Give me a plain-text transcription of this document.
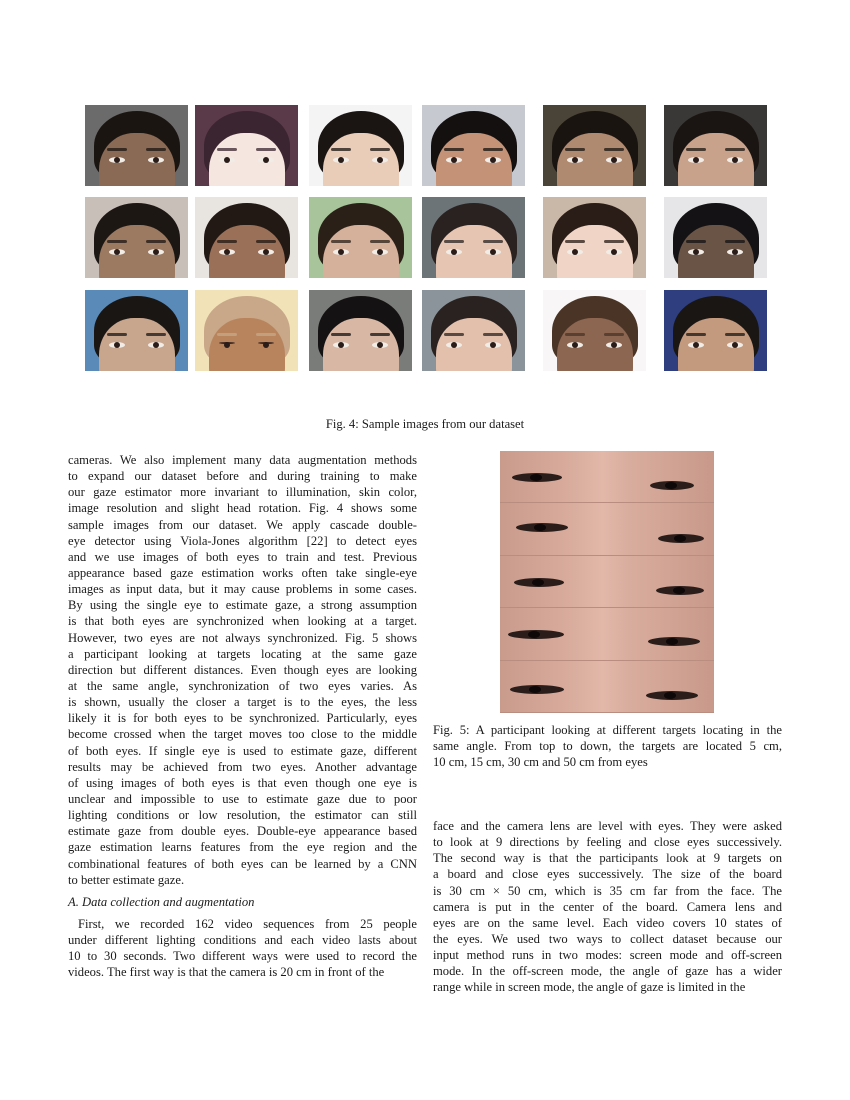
Fig. 4: Sample images from our dataset
cameras. We also implement many data augmentation methods
to expand our dataset before and during training to make
our gaze estimator more invariant to illumination, skin color,
image resolution and slight head rotation. Fig. 4 shows some
sample images from our dataset. We apply cascade double-
eye detector using Viola-Jones algorithm [22] to detect eyes
and we use images of both eyes to train and test. Previous
appearance based gaze estimation works often take single-eye
images as input data, but it may cause problems in some cases.
By using the single eye to estimate gaze, a strong assumption
is that both eyes are synchronized when looking at a target.
However, two eyes are not always synchronized. Fig. 5 shows
a participant looking at targets locating at the same gaze
direction but different distances. Even though eyes are looking
at the same angle, synchronization of two eyes varies. As
is shown, usually the closer a target is to the eyes, the less
likely it is for both eyes to be synchronized. Particularly, eyes
become crossed when the target moves too close to the middle
of both eyes. If single eye is used to estimate gaze, different
results may be achieved from two eyes. Another advantage
of using images of both eyes is that even though one eye is
unclear and impossible to use to estimate gaze due to poor
lighting conditions or low resolution, the estimator can still
estimate gaze from double eyes. Double-eye appearance based
gaze estimation learns features from the eye region and the
combinational features of both eyes can be learned by a CNN
to better estimate gaze.
A. Data collection and augmentation
First, we recorded 162 video sequences from 25 people
under different lighting conditions and each video lasts about
10 to 30 seconds. Two different ways were used to record the
videos. The first way is that the camera is 20 cm in front of the
Fig. 5: A participant looking at different targets locating in the
same angle. From top to down, the targets are located 5 cm,
10 cm, 15 cm, 30 cm and 50 cm from eyes
face and the camera lens are level with eyes. They were asked
to look at 9 directions by feeling and close eyes successively.
The second way is that the participants look at 9 targets on
a board and close eyes successively. The size of the board
is 30 cm × 50 cm, which is 35 cm far from the face. The
camera is put in the center of the board. Camera lens and
eyes are on the same level. Each video covers 10 states of
the eyes. We used two ways to collect dataset because our
input method runs in two modes: screen mode and off-screen
mode. In the off-screen mode, the angle of gaze has a wider
range while in screen mode, the angle of gaze is limited in the
